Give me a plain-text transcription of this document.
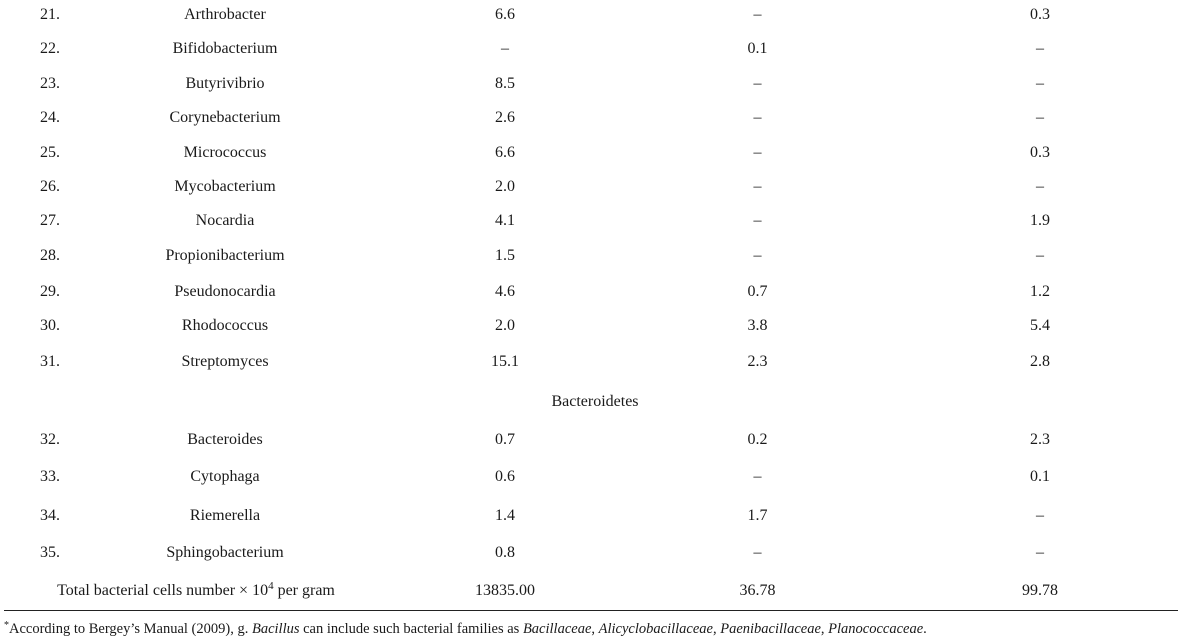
21.	Arthrobacter	6.6	–	0.3
22.	Bifidobacterium	–	0.1	–
23.	Butyrivibrio	8.5	–	–
24.	Corynebacterium	2.6	–	–
25.	Micrococcus	6.6	–	0.3
26.	Mycobacterium	2.0	–	–
27.	Nocardia	4.1	–	1.9
28.	Propionibacterium	1.5	–	–
29.	Pseudonocardia	4.6	0.7	1.2
30.	Rhodococcus	2.0	3.8	5.4
31.	Streptomyces	15.1	2.3	2.8
Bacteroidetes
32.	Bacteroides	0.7	0.2	2.3
33.	Cytophaga	0.6	–	0.1
34.	Riemerella	1.4	1.7	–
35.	Sphingobacterium	0.8	–	–
Total bacterial cells number × $10^4$ per gram	13835.00	36.78	99.78
*According to Bergey’s Manual (2009), g. Bacillus can include such bacterial families as Bacillaceae, Alicyclobacillaceae, Paenibacillaceae, Planococcaceae.
